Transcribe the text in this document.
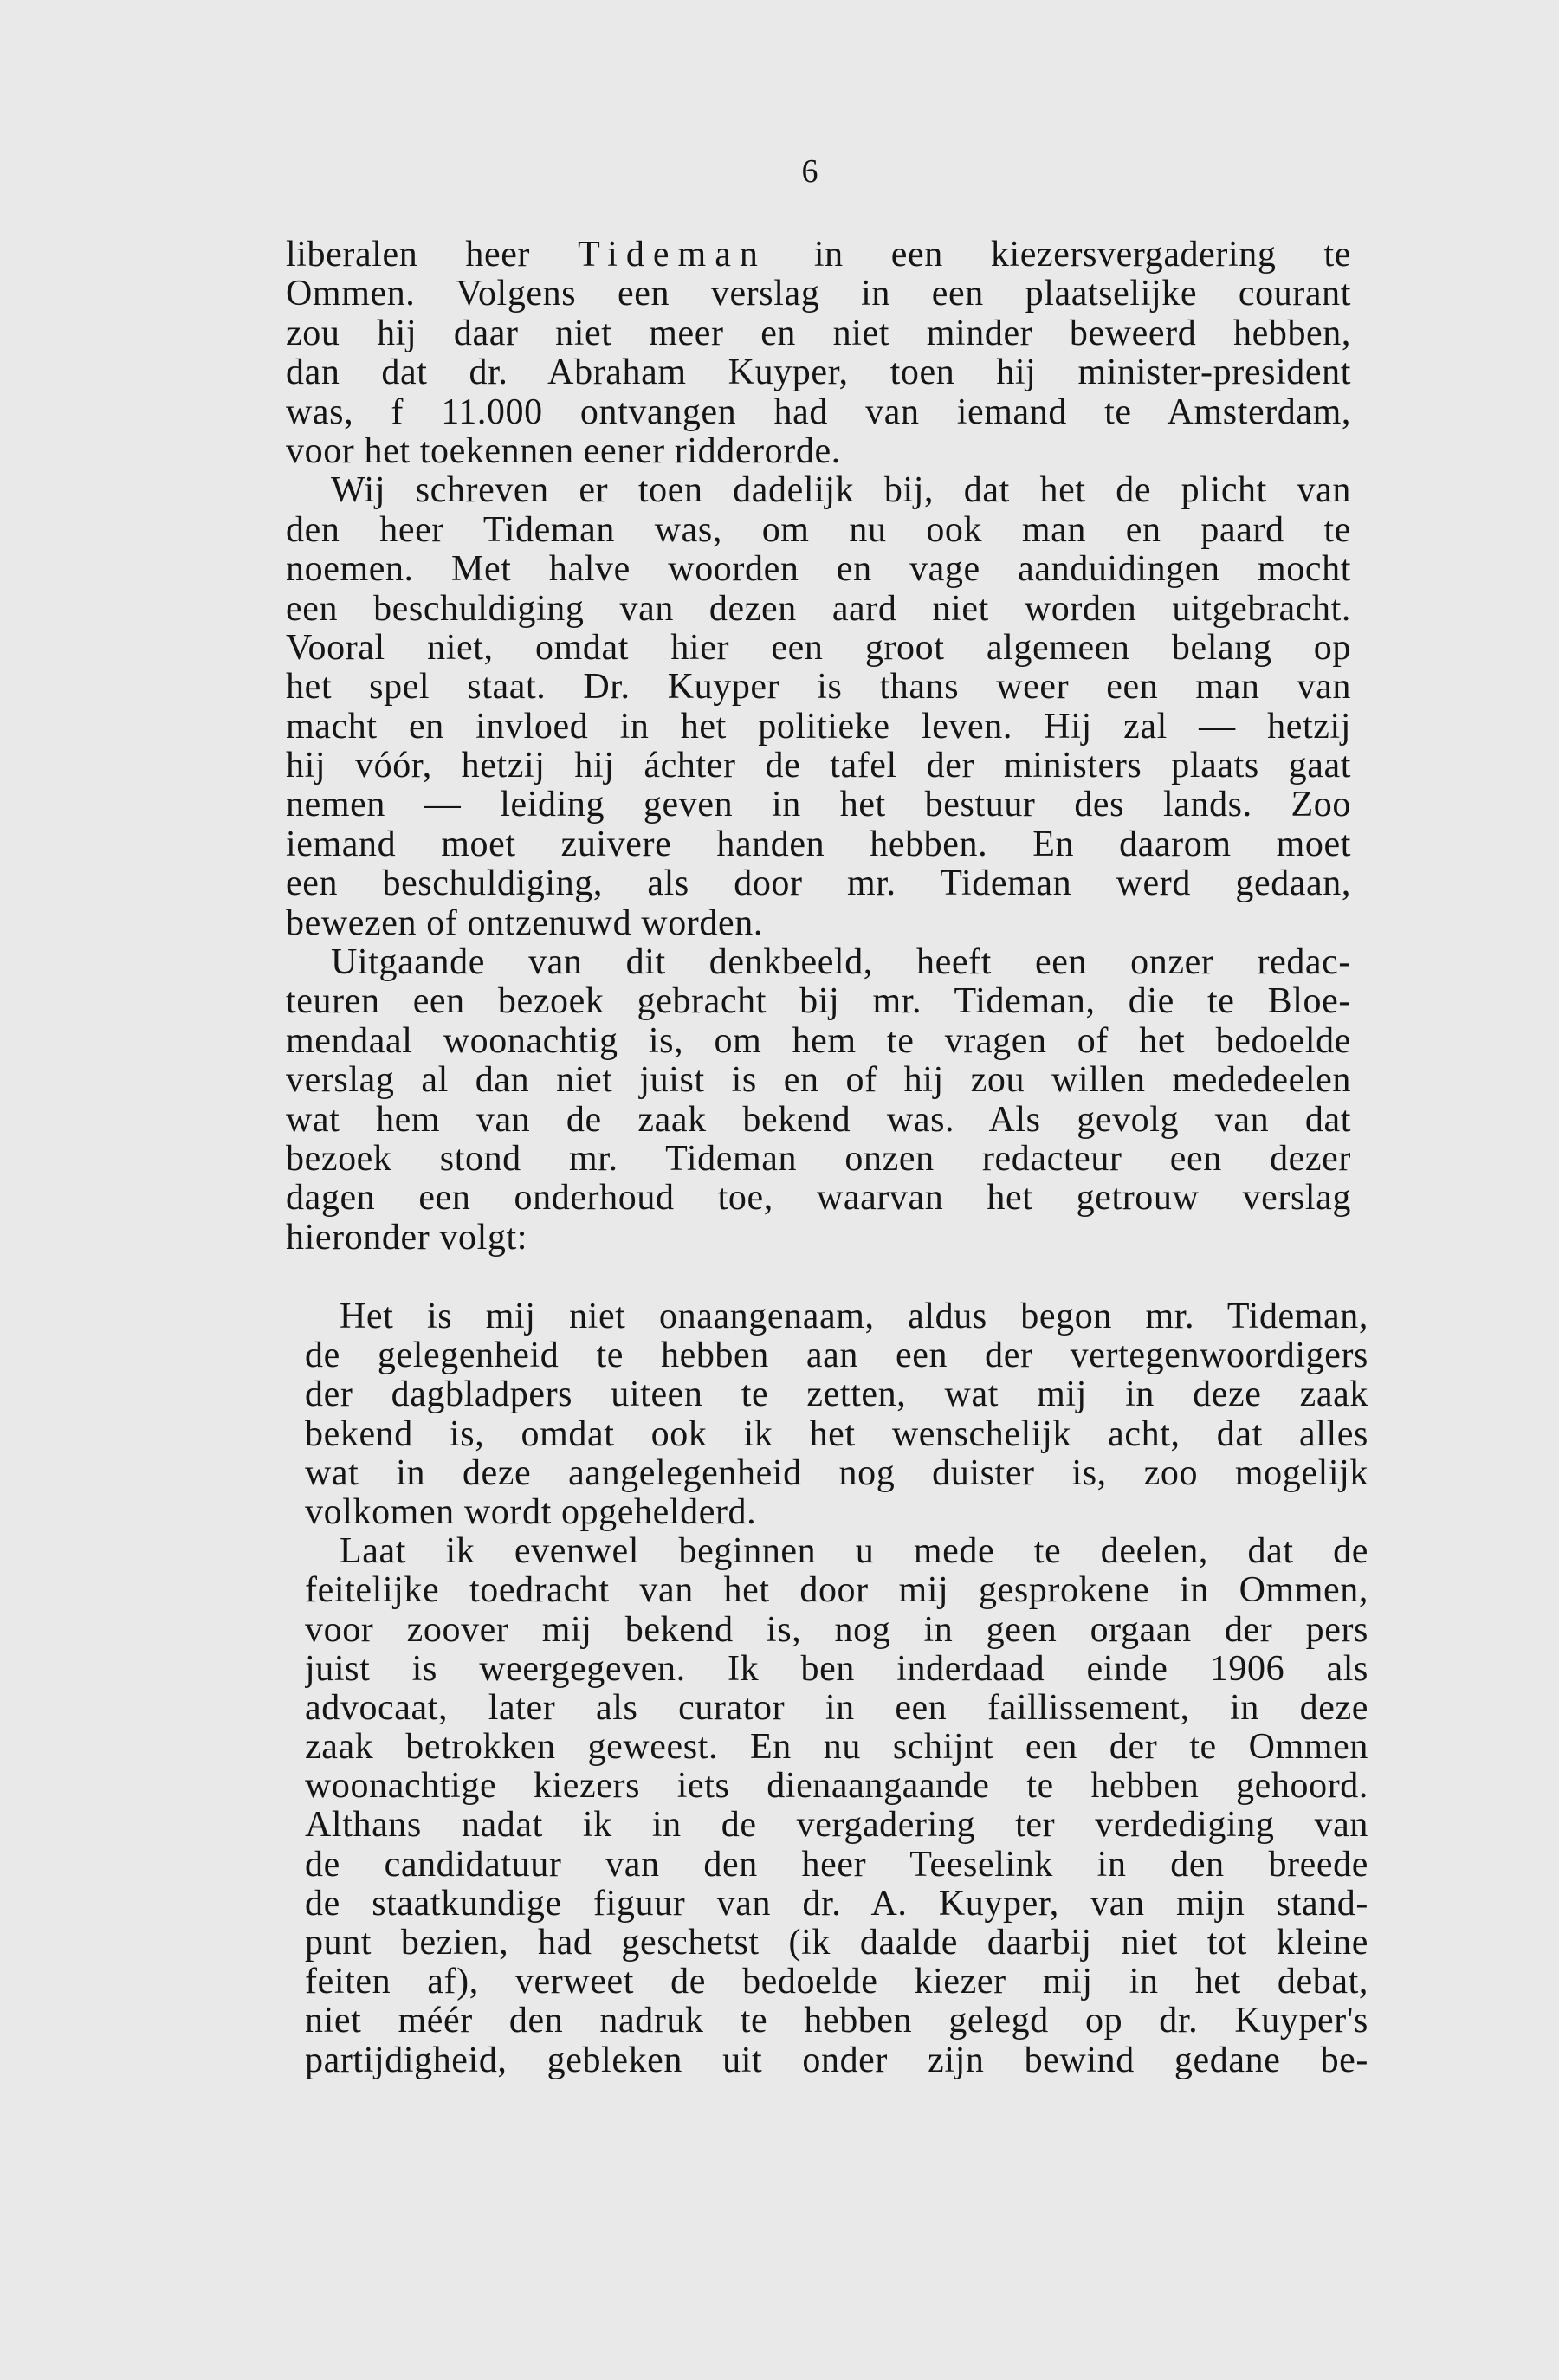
6
liberalen heer Tideman in een kiezersvergadering te
Ommen. Volgens een verslag in een plaatselijke courant
zou hij daar niet meer en niet minder beweerd hebben,
dan dat dr. Abraham Kuyper, toen hij minister-president
was, f 11.000 ontvangen had van iemand te Amsterdam,
voor het toekennen eener ridderorde.
Wij schreven er toen dadelijk bij, dat het de plicht van
den heer Tideman was, om nu ook man en paard te
noemen. Met halve woorden en vage aanduidingen mocht
een beschuldiging van dezen aard niet worden uitgebracht.
Vooral niet, omdat hier een groot algemeen belang op
het spel staat. Dr. Kuyper is thans weer een man van
macht en invloed in het politieke leven. Hij zal — hetzij
hij vóór, hetzij hij áchter de tafel der ministers plaats gaat
nemen — leiding geven in het bestuur des lands. Zoo
iemand moet zuivere handen hebben. En daarom moet
een beschuldiging, als door mr. Tideman werd gedaan,
bewezen of ontzenuwd worden.
Uitgaande van dit denkbeeld, heeft een onzer redac-
teuren een bezoek gebracht bij mr. Tideman, die te Bloe-
mendaal woonachtig is, om hem te vragen of het bedoelde
verslag al dan niet juist is en of hij zou willen mededeelen
wat hem van de zaak bekend was. Als gevolg van dat
bezoek stond mr. Tideman onzen redacteur een dezer
dagen een onderhoud toe, waarvan het getrouw verslag
hieronder volgt:
Het is mij niet onaangenaam, aldus begon mr. Tideman,
de gelegenheid te hebben aan een der vertegenwoordigers
der dagbladpers uiteen te zetten, wat mij in deze zaak
bekend is, omdat ook ik het wenschelijk acht, dat alles
wat in deze aangelegenheid nog duister is, zoo mogelijk
volkomen wordt opgehelderd.
Laat ik evenwel beginnen u mede te deelen, dat de
feitelijke toedracht van het door mij gesprokene in Ommen,
voor zoover mij bekend is, nog in geen orgaan der pers
juist is weergegeven. Ik ben inderdaad einde 1906 als
advocaat, later als curator in een faillissement, in deze
zaak betrokken geweest. En nu schijnt een der te Ommen
woonachtige kiezers iets dienaangaande te hebben gehoord.
Althans nadat ik in de vergadering ter verdediging van
de candidatuur van den heer Teeselink in den breede
de staatkundige figuur van dr. A. Kuyper, van mijn stand-
punt bezien, had geschetst (ik daalde daarbij niet tot kleine
feiten af), verweet de bedoelde kiezer mij in het debat,
niet méér den nadruk te hebben gelegd op dr. Kuyper's
partijdigheid, gebleken uit onder zijn bewind gedane be-
